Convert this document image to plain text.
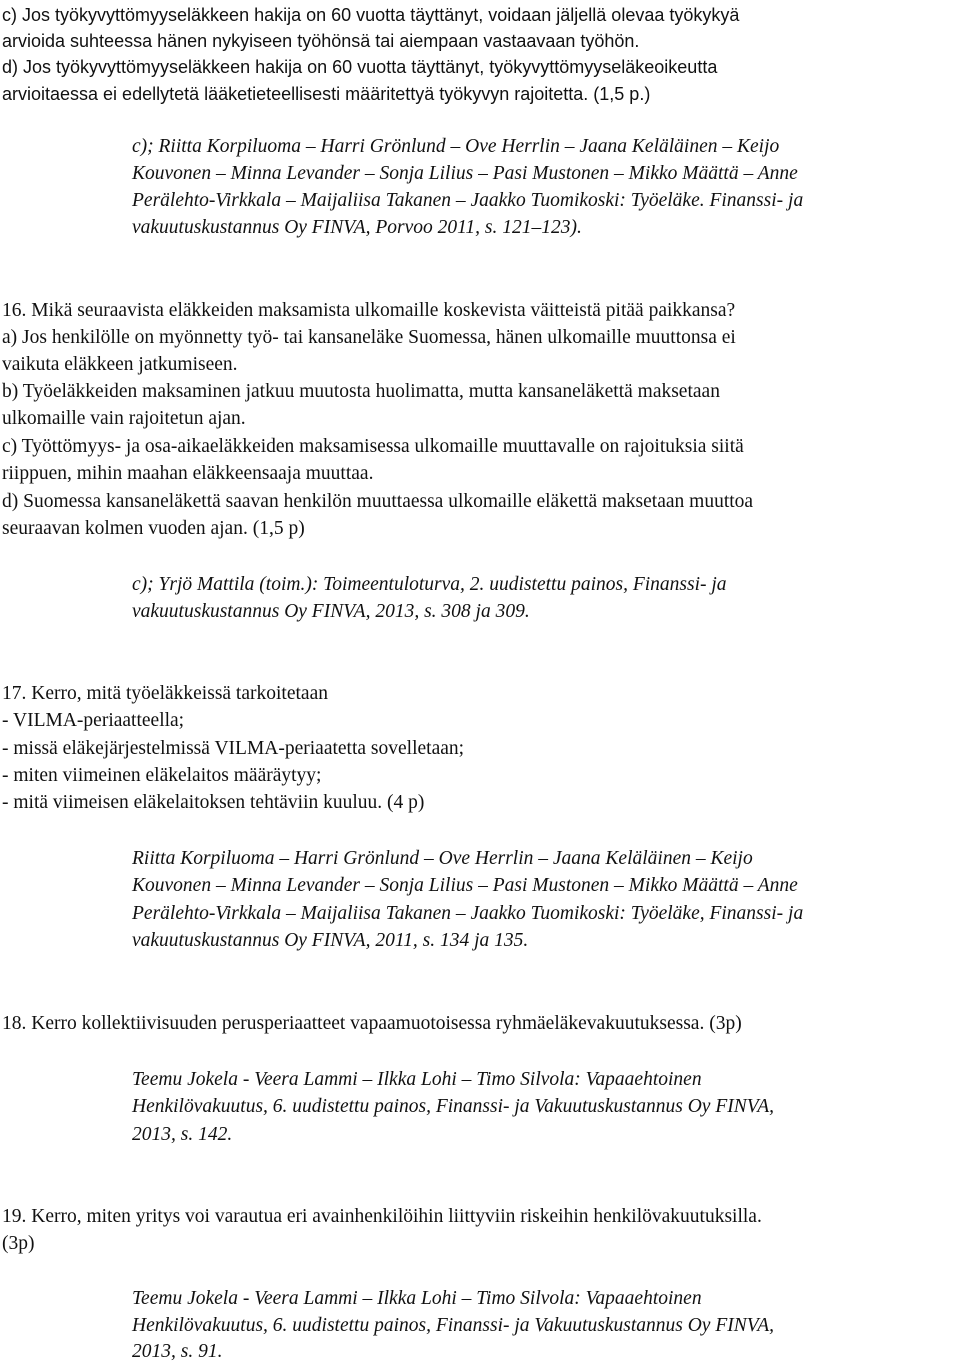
c) Jos työkyvyttömyyseläkkeen hakija on 60 vuotta täyttänyt, voidaan jäljellä olevaa työkykyä
arvioida suhteessa hänen nykyiseen työhönsä tai aiempaan vastaavaan työhön.
d) Jos työkyvyttömyyseläkkeen hakija on 60 vuotta täyttänyt, työkyvyttömyyseläkeoikeutta
arvioitaessa ei edellytetä lääketieteellisesti määritettyä työkyvyn rajoitetta. (1,5 p.)
c); Riitta Korpiluoma – Harri Grönlund – Ove Herrlin – Jaana Keläläinen – Keijo
Kouvonen – Minna Levander – Sonja Lilius – Pasi Mustonen – Mikko Määttä – Anne
Perälehto-Virkkala – Maijaliisa Takanen – Jaakko Tuomikoski: Työeläke. Finanssi- ja
vakuutuskustannus Oy FINVA, Porvoo 2011, s. 121–123).
16. Mikä seuraavista eläkkeiden maksamista ulkomaille koskevista väitteistä pitää paikkansa?
a) Jos henkilölle on myönnetty työ- tai kansaneläke Suomessa, hänen ulkomaille muuttonsa ei
vaikuta eläkkeen jatkumiseen.
b) Työeläkkeiden maksaminen jatkuu muutosta huolimatta, mutta kansaneläkettä maksetaan
ulkomaille vain rajoitetun ajan.
c) Työttömyys- ja osa-aikaeläkkeiden maksamisessa ulkomaille muuttavalle on rajoituksia siitä
riippuen, mihin maahan eläkkeensaaja muuttaa.
d) Suomessa kansaneläkettä saavan henkilön muuttaessa ulkomaille eläkettä maksetaan muuttoa
seuraavan kolmen vuoden ajan. (1,5 p)
c); Yrjö Mattila (toim.): Toimeentuloturva, 2. uudistettu painos, Finanssi- ja
vakuutuskustannus Oy FINVA, 2013, s. 308 ja 309.
17. Kerro, mitä työeläkkeissä tarkoitetaan
- VILMA-periaatteella;
- missä eläkejärjestelmissä VILMA-periaatetta sovelletaan;
- miten viimeinen eläkelaitos määräytyy;
- mitä viimeisen eläkelaitoksen tehtäviin kuuluu. (4 p)
Riitta Korpiluoma – Harri Grönlund – Ove Herrlin – Jaana Keläläinen – Keijo
Kouvonen – Minna Levander – Sonja Lilius – Pasi Mustonen – Mikko Määttä – Anne
Perälehto-Virkkala – Maijaliisa Takanen – Jaakko Tuomikoski: Työeläke, Finanssi- ja
vakuutuskustannus Oy FINVA, 2011, s. 134 ja 135.
18. Kerro kollektiivisuuden perusperiaatteet vapaamuotoisessa ryhmäeläkevakuutuksessa. (3p)
Teemu Jokela - Veera Lammi – Ilkka Lohi – Timo Silvola: Vapaaehtoinen
Henkilövakuutus, 6. uudistettu painos, Finanssi- ja Vakuutuskustannus Oy FINVA,
2013, s. 142.
19. Kerro, miten yritys voi varautua eri avainhenkilöihin liittyviin riskeihin henkilövakuutuksilla.
(3p)
Teemu Jokela - Veera Lammi – Ilkka Lohi – Timo Silvola: Vapaaehtoinen
Henkilövakuutus, 6. uudistettu painos, Finanssi- ja Vakuutuskustannus Oy FINVA,
2013, s. 91.
